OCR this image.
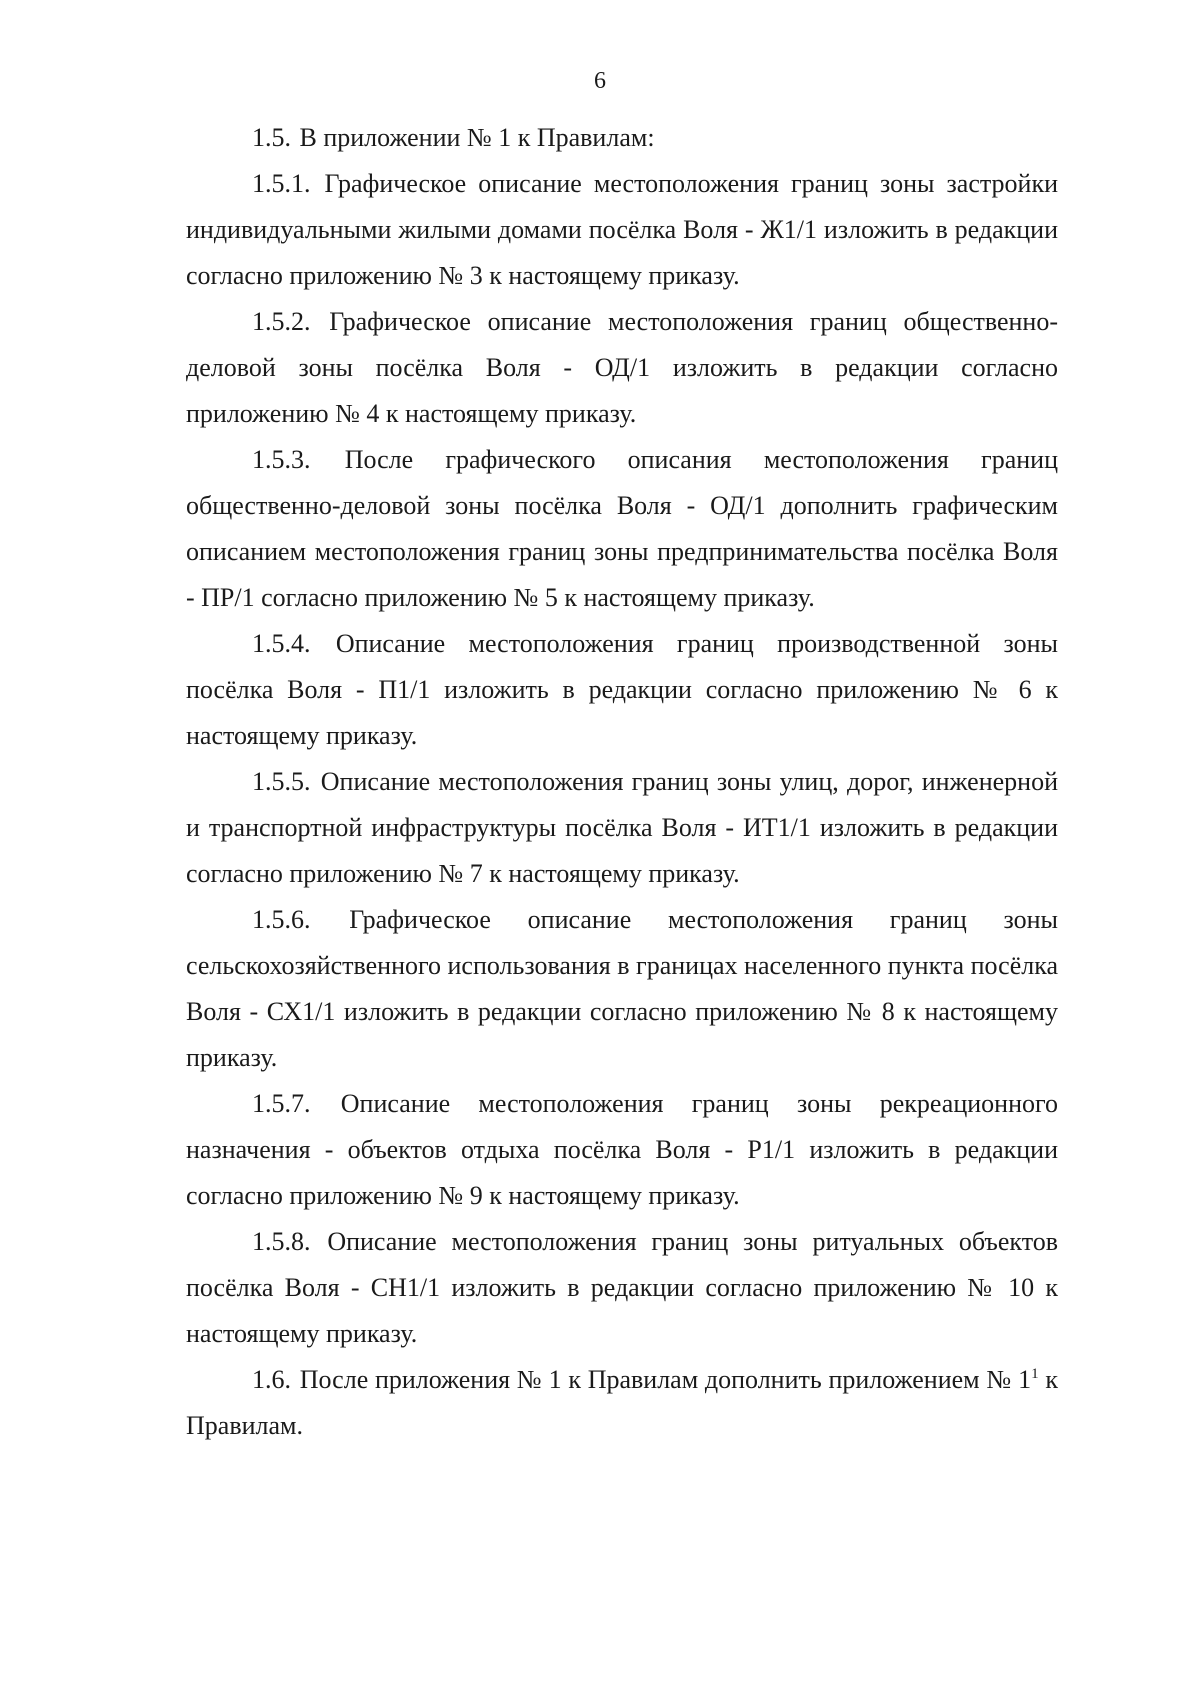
6

1.5. В приложении № 1 к Правилам:

1.5.1. Графическое описание местоположения границ зоны застройки индивидуальными жилыми домами посёлка Воля - Ж1/1 изложить в редакции согласно приложению № 3 к настоящему приказу.

1.5.2. Графическое описание местоположения границ общественно-деловой зоны посёлка Воля - ОД/1 изложить в редакции согласно приложению № 4 к настоящему приказу.

1.5.3. После графического описания местоположения границ общественно-деловой зоны посёлка Воля - ОД/1 дополнить графическим описанием местоположения границ зоны предпринимательства посёлка Воля - ПР/1 согласно приложению № 5 к настоящему приказу.

1.5.4. Описание местоположения границ производственной зоны посёлка Воля - П1/1 изложить в редакции согласно приложению № 6 к настоящему приказу.

1.5.5. Описание местоположения границ зоны улиц, дорог, инженерной и транспортной инфраструктуры посёлка Воля - ИТ1/1 изложить в редакции согласно приложению № 7 к настоящему приказу.

1.5.6. Графическое описание местоположения границ зоны сельскохозяйственного использования в границах населенного пункта посёлка Воля - СХ1/1 изложить в редакции согласно приложению № 8 к настоящему приказу.

1.5.7. Описание местоположения границ зоны рекреационного назначения - объектов отдыха посёлка Воля - Р1/1 изложить в редакции согласно приложению № 9 к настоящему приказу.

1.5.8. Описание местоположения границ зоны ритуальных объектов посёлка Воля - СН1/1 изложить в редакции согласно приложению № 10 к настоящему приказу.

1.6. После приложения № 1 к Правилам дополнить приложением № 1$^1$ к Правилам.
